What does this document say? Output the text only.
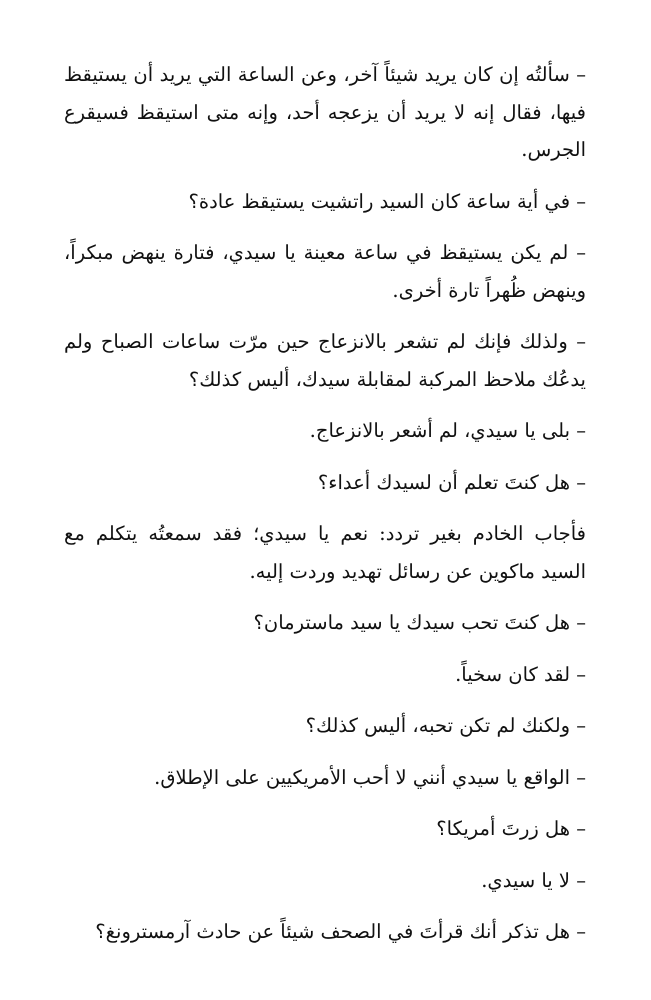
– سألتُه إن كان يريد شيئاً آخر، وعن الساعة التي يريد أن يستيقظ فيها، فقال إنه لا يريد أن يزعجه أحد، وإنه متى استيقظ فسيقرع الجرس.

– في أية ساعة كان السيد راتشيت يستيقظ عادة؟

– لم يكن يستيقظ في ساعة معينة يا سيدي، فتارة ينهض مبكراً، وينهض ظُهراً تارة أخرى.

– ولذلك فإنك لم تشعر بالانزعاج حين مرّت ساعات الصباح ولم يدعُك ملاحظ المركبة لمقابلة سيدك، أليس كذلك؟

– بلى يا سيدي، لم أشعر بالانزعاج.

– هل كنتَ تعلم أن لسيدك أعداء؟

فأجاب الخادم بغير تردد: نعم يا سيدي؛ فقد سمعتُه يتكلم مع السيد ماكوين عن رسائل تهديد وردت إليه.

– هل كنتَ تحب سيدك يا سيد ماسترمان؟

– لقد كان سخياً.

– ولكنك لم تكن تحبه، أليس كذلك؟

– الواقع يا سيدي أنني لا أحب الأمريكيين على الإطلاق.

– هل زرتَ أمريكا؟

– لا يا سيدي.

– هل تذكر أنك قرأتَ في الصحف شيئاً عن حادث آرمسترونغ؟
